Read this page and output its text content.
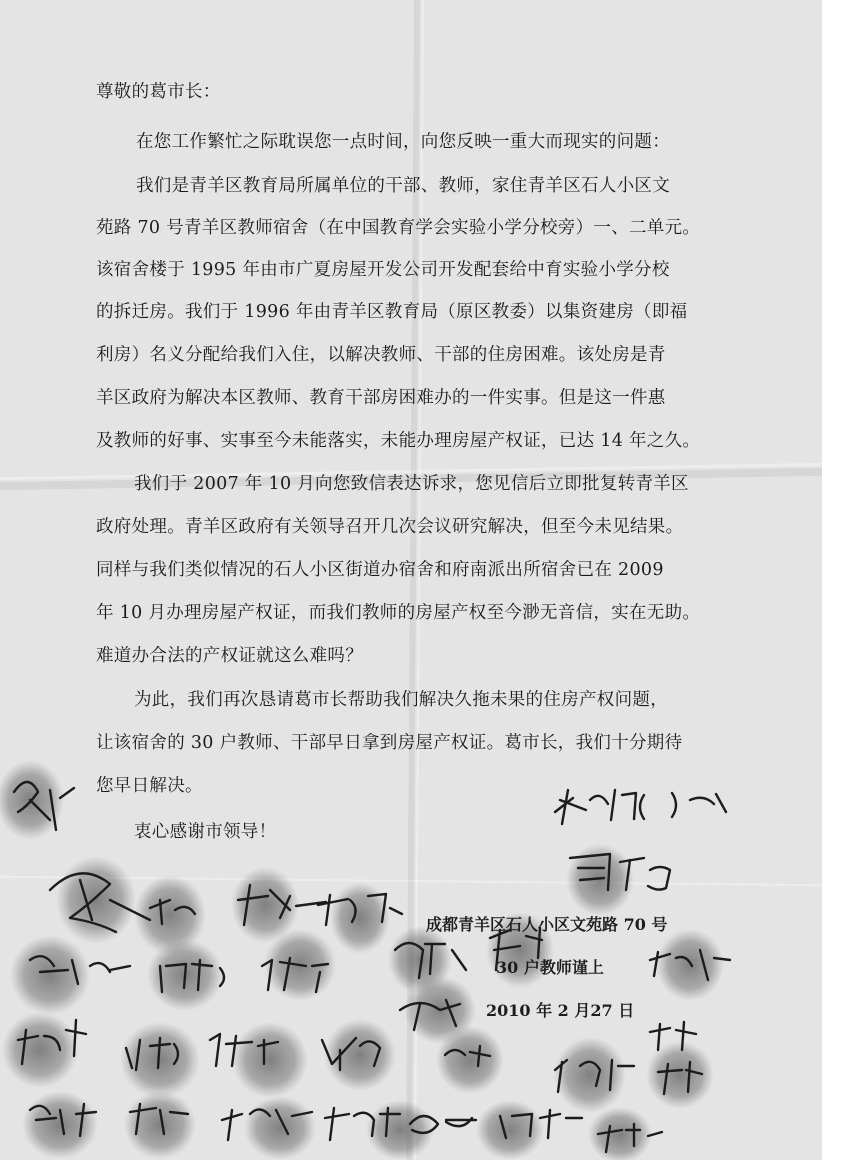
尊敬的葛市长：
在您工作繁忙之际耽误您一点时间，向您反映一重大而现实的问题：
我们是青羊区教育局所属单位的干部、教师，家住青羊区石人小区文
苑路 70 号青羊区教师宿舍（在中国教育学会实验小学分校旁）一、二单元。
该宿舍楼于 1995 年由市广夏房屋开发公司开发配套给中育实验小学分校
的拆迁房。我们于 1996 年由青羊区教育局（原区教委）以集资建房（即福
利房）名义分配给我们入住，以解决教师、干部的住房困难。该处房是青
羊区政府为解决本区教师、教育干部房困难办的一件实事。但是这一件惠
及教师的好事、实事至今未能落实，未能办理房屋产权证，已达 14 年之久。
我们于 2007 年 10 月向您致信表达诉求，您见信后立即批复转青羊区
政府处理。青羊区政府有关领导召开几次会议研究解决，但至今未见结果。
同样与我们类似情况的石人小区街道办宿舍和府南派出所宿舍已在 2009
年 10 月办理房屋产权证，而我们教师的房屋产权至今渺无音信，实在无助。
难道办合法的产权证就这么难吗？
为此，我们再次恳请葛市长帮助我们解决久拖未果的住房产权问题，
让该宿舍的 30 户教师、干部早日拿到房屋产权证。葛市长，我们十分期待
您早日解决。
衷心感谢市领导！
成都青羊区石人小区文苑路 70 号
30 户教师谨上
2010 年 2 月27 日
